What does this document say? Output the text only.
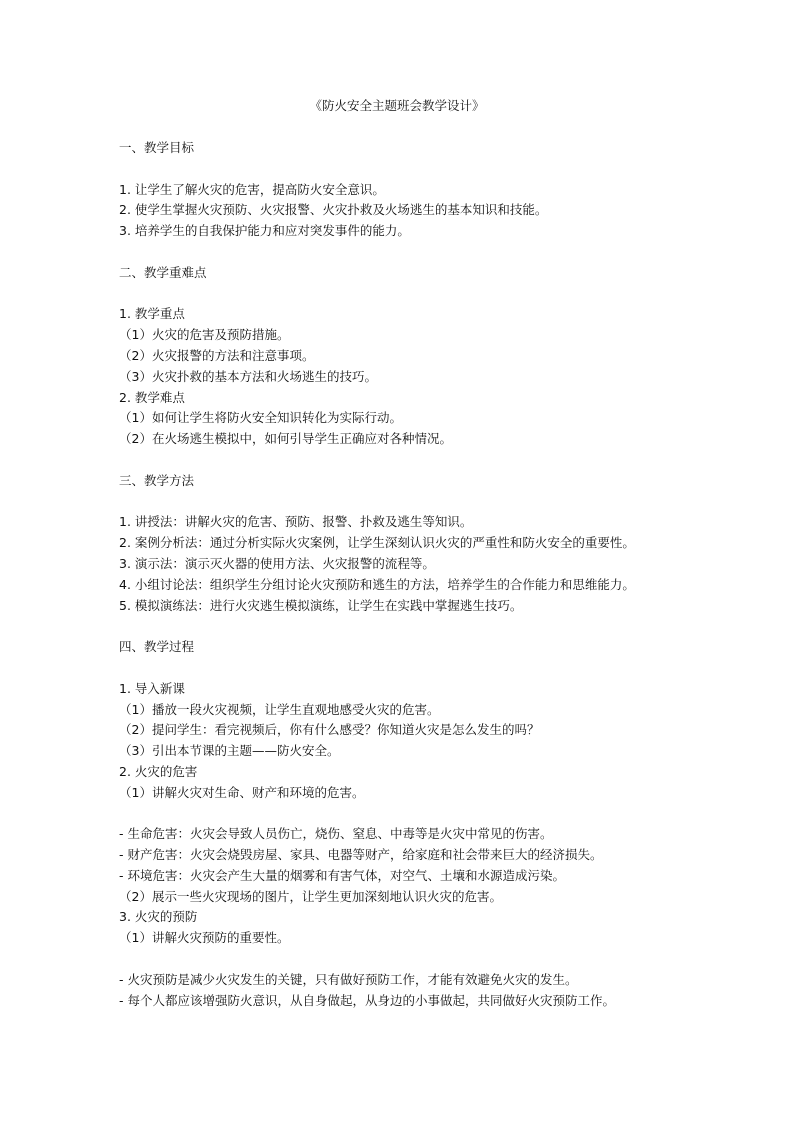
《防火安全主题班会教学设计》

一、教学目标

1. 让学生了解火灾的危害，提高防火安全意识。

2. 使学生掌握火灾预防、火灾报警、火灾扑救及火场逃生的基本知识和技能。

3. 培养学生的自我保护能力和应对突发事件的能力。

二、教学重难点

1. 教学重点

（1）火灾的危害及预防措施。

（2）火灾报警的方法和注意事项。

（3）火灾扑救的基本方法和火场逃生的技巧。

2. 教学难点

（1）如何让学生将防火安全知识转化为实际行动。

（2）在火场逃生模拟中，如何引导学生正确应对各种情况。

三、教学方法

1. 讲授法：讲解火灾的危害、预防、报警、扑救及逃生等知识。

2. 案例分析法：通过分析实际火灾案例，让学生深刻认识火灾的严重性和防火安全的重要性。

3. 演示法：演示灭火器的使用方法、火灾报警的流程等。

4. 小组讨论法：组织学生分组讨论火灾预防和逃生的方法，培养学生的合作能力和思维能力。

5. 模拟演练法：进行火灾逃生模拟演练，让学生在实践中掌握逃生技巧。

四、教学过程

1. 导入新课

（1）播放一段火灾视频，让学生直观地感受火灾的危害。

（2）提问学生：看完视频后，你有什么感受？你知道火灾是怎么发生的吗？

（3）引出本节课的主题——防火安全。

2. 火灾的危害

（1）讲解火灾对生命、财产和环境的危害。

- 生命危害：火灾会导致人员伤亡，烧伤、窒息、中毒等是火灾中常见的伤害。

- 财产危害：火灾会烧毁房屋、家具、电器等财产，给家庭和社会带来巨大的经济损失。

- 环境危害：火灾会产生大量的烟雾和有害气体，对空气、土壤和水源造成污染。

（2）展示一些火灾现场的图片，让学生更加深刻地认识火灾的危害。

3. 火灾的预防

（1）讲解火灾预防的重要性。

- 火灾预防是减少火灾发生的关键，只有做好预防工作，才能有效避免火灾的发生。

- 每个人都应该增强防火意识，从自身做起，从身边的小事做起，共同做好火灾预防工作。
